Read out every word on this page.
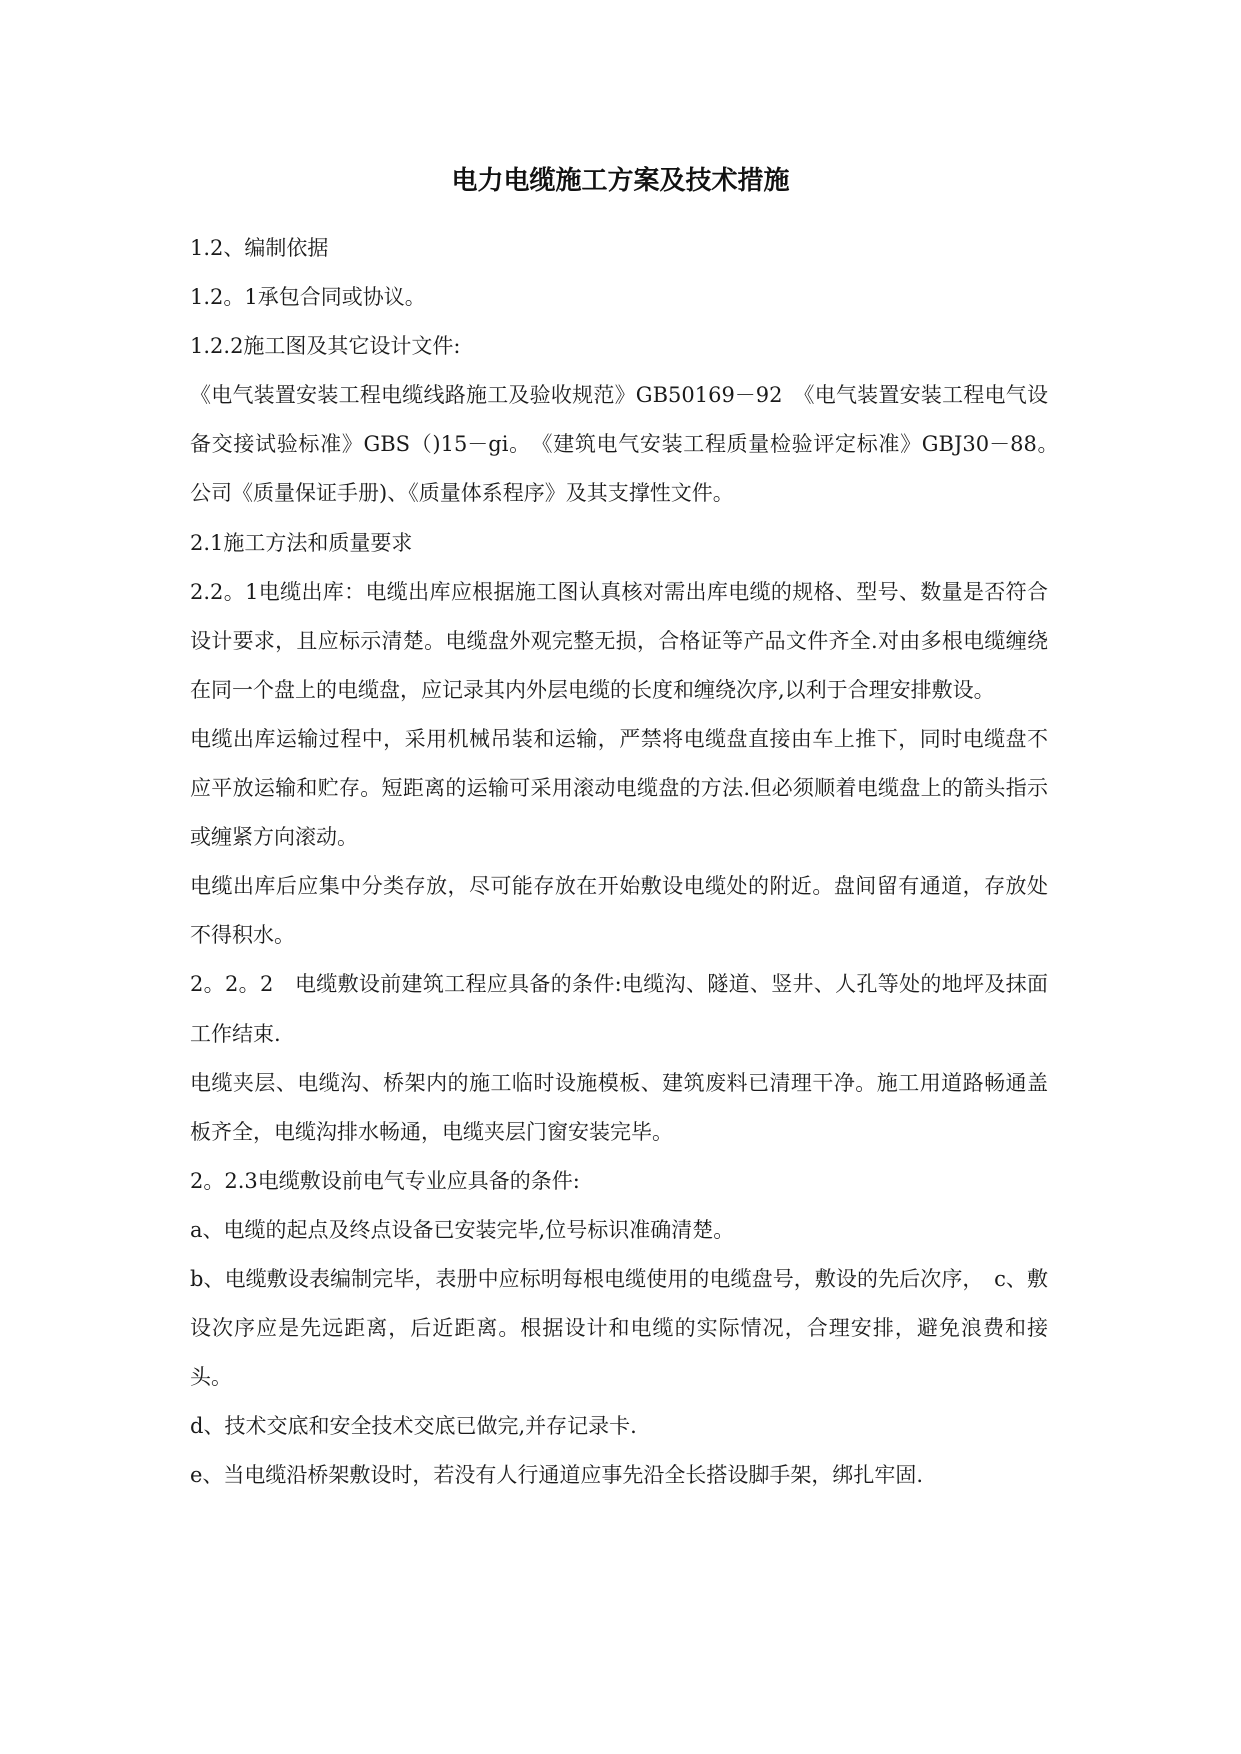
电力电缆施工方案及技术措施

1.2、编制依据

1.2。1承包合同或协议。

1.2.2施工图及其它设计文件:

《电气装置安装工程电缆线路施工及验收规范》GB50169－92　《电气装置安装工程电气设备交接试验标准》GBS（)15－gi。　《建筑电气安装工程质量检验评定标准》GBJ30－88。　公司《质量保证手册)、《质量体系程序》及其支撑性文件。

2.1施工方法和质量要求

2.2。1电缆出库：电缆出库应根据施工图认真核对需出库电缆的规格、型号、数量是否符合设计要求，且应标示清楚。电缆盘外观完整无损，合格证等产品文件齐全.对由多根电缆缠绕在同一个盘上的电缆盘，应记录其内外层电缆的长度和缠绕次序,以利于合理安排敷设。

电缆出库运输过程中，采用机械吊装和运输，严禁将电缆盘直接由车上推下，同时电缆盘不应平放运输和贮存。短距离的运输可采用滚动电缆盘的方法.但必须顺着电缆盘上的箭头指示或缠紧方向滚动。

电缆出库后应集中分类存放，尽可能存放在开始敷设电缆处的附近。盘间留有通道，存放处不得积水。

2。2。2　电缆敷设前建筑工程应具备的条件:电缆沟、隧道、竖井、人孔等处的地坪及抹面工作结束.

电缆夹层、电缆沟、桥架内的施工临时设施模板、建筑废料已清理干净。施工用道路畅通盖板齐全，电缆沟排水畅通，电缆夹层门窗安装完毕。

2。2.3电缆敷设前电气专业应具备的条件:

a、电缆的起点及终点设备已安装完毕,位号标识准确清楚。

b、电缆敷设表编制完毕，表册中应标明每根电缆使用的电缆盘号，敷设的先后次序，　c、敷设次序应是先远距离，后近距离。根据设计和电缆的实际情况，合理安排，避免浪费和接头。

d、技术交底和安全技术交底已做完,并存记录卡.

e、当电缆沿桥架敷设时，若没有人行通道应事先沿全长搭设脚手架，绑扎牢固.
